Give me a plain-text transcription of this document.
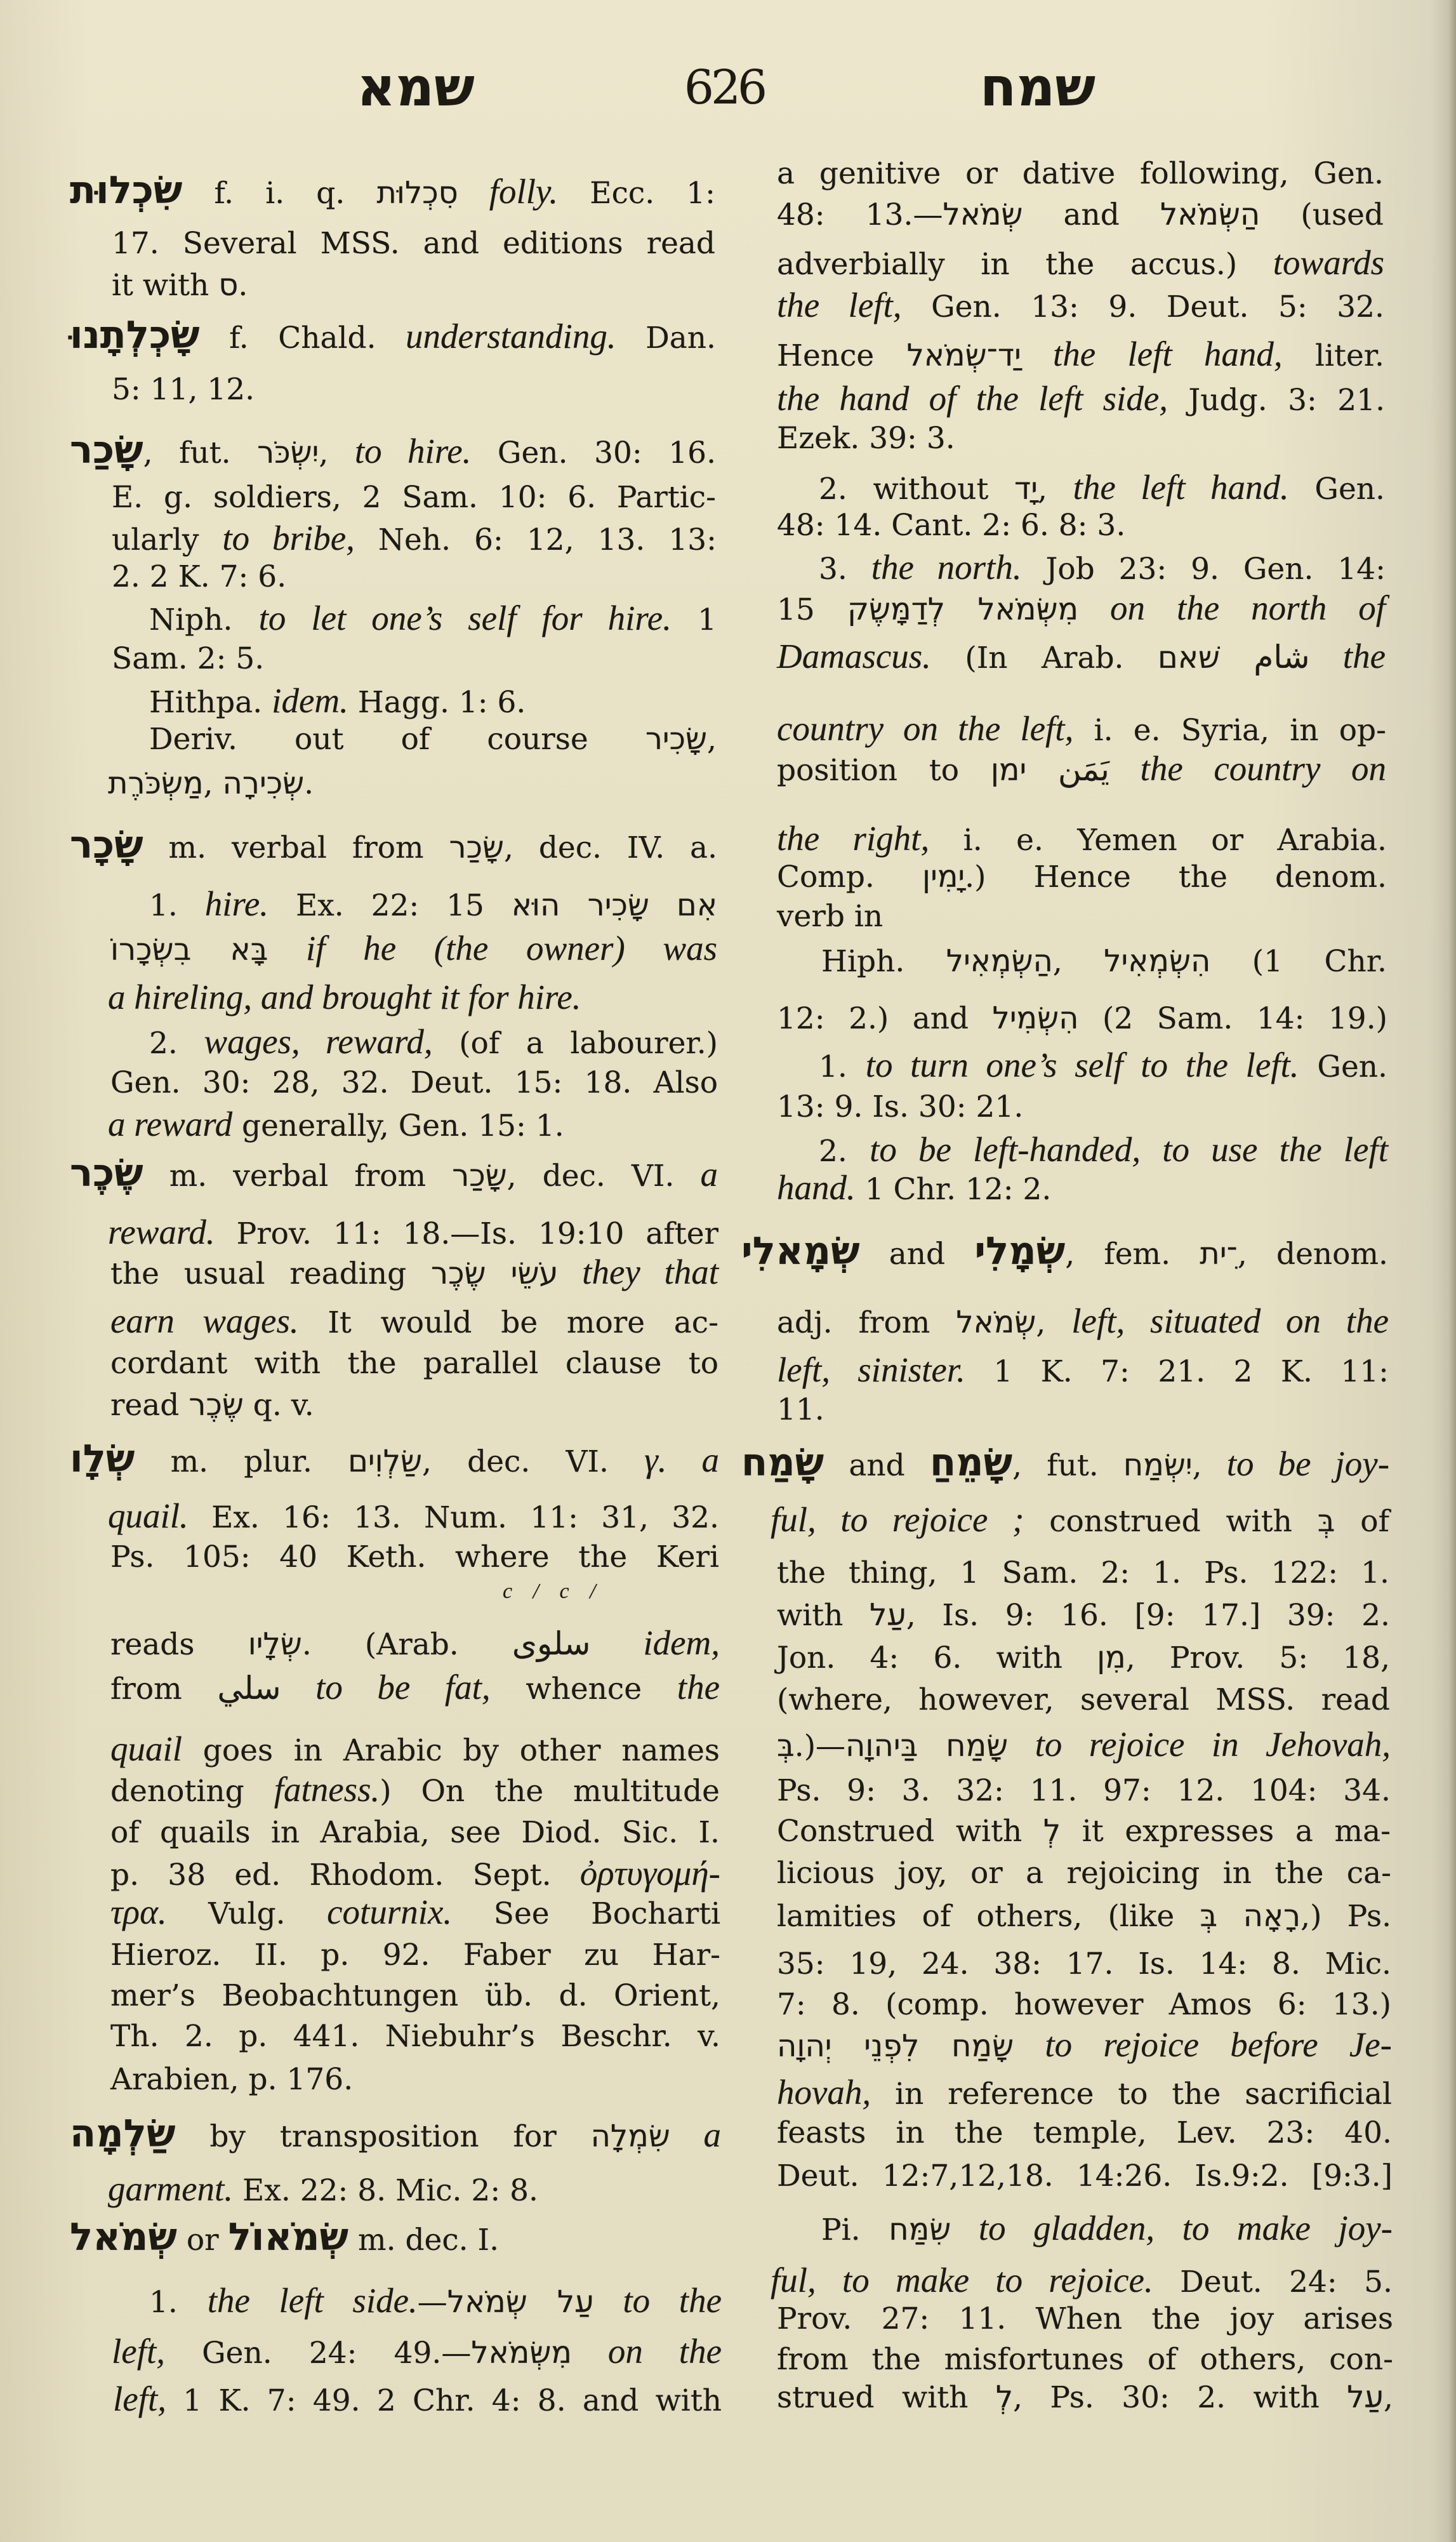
שמא	626	שמח
שִׂכְלוּת f. i. q. סִכְלוּת folly. Ecc. 1:
17. Several MSS. and editions read
it with ס.
שָׂכְלְתָנוּ f. Chald. understanding. Dan.
5: 11, 12.
שָׂכַר, fut. יִשְׂכֹּר, to hire. Gen. 30: 16.
E. g. soldiers, 2 Sam. 10: 6. Partic-
ularly to bribe, Neh. 6: 12, 13. 13:
2. 2 K. 7: 6.
Niph. to let one’s self for hire. 1
Sam. 2: 5.
Hithpa. idem. Hagg. 1: 6.
Deriv. out of course שָׂכִיר,
מַשְׂכֹּרֶת, שְׂכִירָה.
שָׂכָר m. verbal from שָׂכַר, dec. IV. a.
1. hire. Ex. 22: 15 אִם שָׂכִיר הוּא
בָּא בִשְׂכָרוֹ if he (the owner) was
a hireling, and brought it for hire.
2. wages, reward, (of a labourer.)
Gen. 30: 28, 32. Deut. 15: 18. Also
a reward generally, Gen. 15: 1.
שֶׂכֶר m. verbal from שָׂכַר, dec. VI. a
reward. Prov. 11: 18.—Is. 19:10 after
the usual reading עֹשֵׂי שֶׂכֶר they that
earn wages. It would be more ac-
cordant with the parallel clause to
read שֶׂכֶר q. v.
שְׂלָו m. plur. שַׂלְוִים, dec. VI. γ. a
quail. Ex. 16: 13. Num. 11: 31, 32.
Ps. 105: 40 Keth. where the Keri
c / c /
reads שְׂלָיו. (Arab. سلوى idem,
from سلي to be fat, whence the
quail goes in Arabic by other names
denoting fatness.) On the multitude
of quails in Arabia, see Diod. Sic. I.
p. 38 ed. Rhodom. Sept. ὀρτυγομή-
τρα. Vulg. coturnix. See Bocharti
Hieroz. II. p. 92. Faber zu Har-
mer’s Beobachtungen üb. d. Orient,
Th. 2. p. 441. Niebuhr’s Beschr. v.
Arabien, p. 176.
שַׂלְמָה by transposition for שִׂמְלָה a
garment. Ex. 22: 8. Mic. 2: 8.
שְׂמֹאל or שְׂמֹאוֹל m. dec. I.
1. the left side.—עַל שְׂמֹאל to the
left, Gen. 24: 49.—מִשְּׂמֹאל on the
left, 1 K. 7: 49. 2 Chr. 4: 8. and with
a genitive or dative following, Gen.
48: 13.—שְׂמֹאל and הַשְּׂמֹאל (used
adverbially in the accus.) towards
the left, Gen. 13: 9. Deut. 5: 32.
Hence יַד־שְׂמֹאל the left hand, liter.
the hand of the left side, Judg. 3: 21.
Ezek. 39: 3.
2. without יָד, the left hand. Gen.
48: 14. Cant. 2: 6. 8: 3.
3. the north. Job 23: 9. Gen. 14:
15 מִשְּׂמֹאל לְדַמָּשֶׂק on the north of
Damascus. (In Arab. שׁאם شام the
country on the left, i. e. Syria, in op-
position to ימן يَمَن the country on
the right, i. e. Yemen or Arabia.
Comp. יָמִין.) Hence the denom.
verb in
Hiph. הַשְׂמְאִיל, הִשְׂמְאִיל (1 Chr.
12: 2.) and הִשְׂמִיל (2 Sam. 14: 19.)
1. to turn one’s self to the left. Gen.
13: 9. Is. 30: 21.
2. to be left-handed, to use the left
hand. 1 Chr. 12: 2.
שְׂמָאלִי and שְׂמָלִי, fem. ־ִית, denom.
adj. from שְׂמֹאל, left, situated on the
left, sinister. 1 K. 7: 21. 2 K. 11:
11.
שָׂמַח and שָׂמֵחַ, fut. יִשְׂמַח, to be joy-
ful, to rejoice ; construed with בְּ of
the thing, 1 Sam. 2: 1. Ps. 122: 1.
with עַל, Is. 9: 16. [9: 17.] 39: 2.
Jon. 4: 6. with מִן, Prov. 5: 18,
(where, however, several MSS. read
בְּ.)—שָׂמַח בַּיהוָה to rejoice in Jehovah,
Ps. 9: 3. 32: 11. 97: 12. 104: 34.
Construed with לְ it expresses a ma-
licious joy, or a rejoicing in the ca-
lamities of others, (like רָאָה בְּ,) Ps.
35: 19, 24. 38: 17. Is. 14: 8. Mic.
7: 8. (comp. however Amos 6: 13.)
שָׂמַח לִפְנֵי יְהוָה to rejoice before Je-
hovah, in reference to the sacrificial
feasts in the temple, Lev. 23: 40.
Deut. 12:7,12,18. 14:26. Is.9:2. [9:3.]
Pi. שִׂמַּח to gladden, to make joy-
ful, to make to rejoice. Deut. 24: 5.
Prov. 27: 11. When the joy arises
from the misfortunes of others, con-
strued with לְ, Ps. 30: 2. with עַל,
